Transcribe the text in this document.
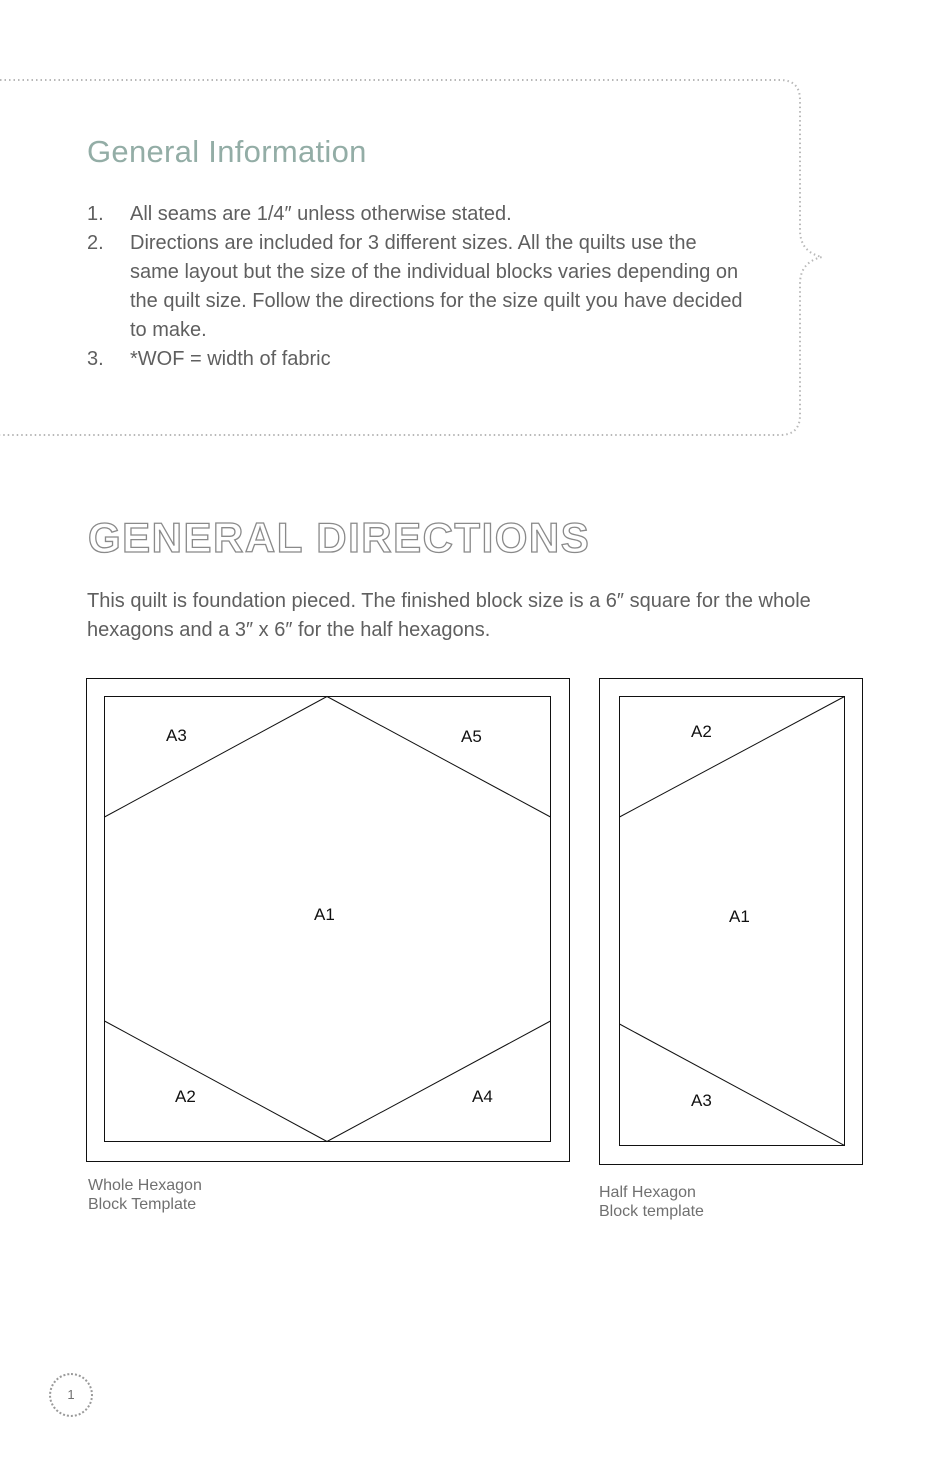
General Information
1. All seams are 1/4″ unless otherwise stated.
2. Directions are included for 3 different sizes. All the quilts use the same layout but the size of the individual blocks varies depending on the quilt size. Follow the directions for the size quilt you have decided to make.
3. *WOF = width of fabric
GENERAL DIRECTIONS

This quilt is foundation pieced. The finished block size is a 6″ square for the whole hexagons and a 3″ x 6″ for the half hexagons.

A3	A5
A1
A2	A4

Whole Hexagon
Block Template

A2
A1
A3

Half Hexagon
Block template

1
